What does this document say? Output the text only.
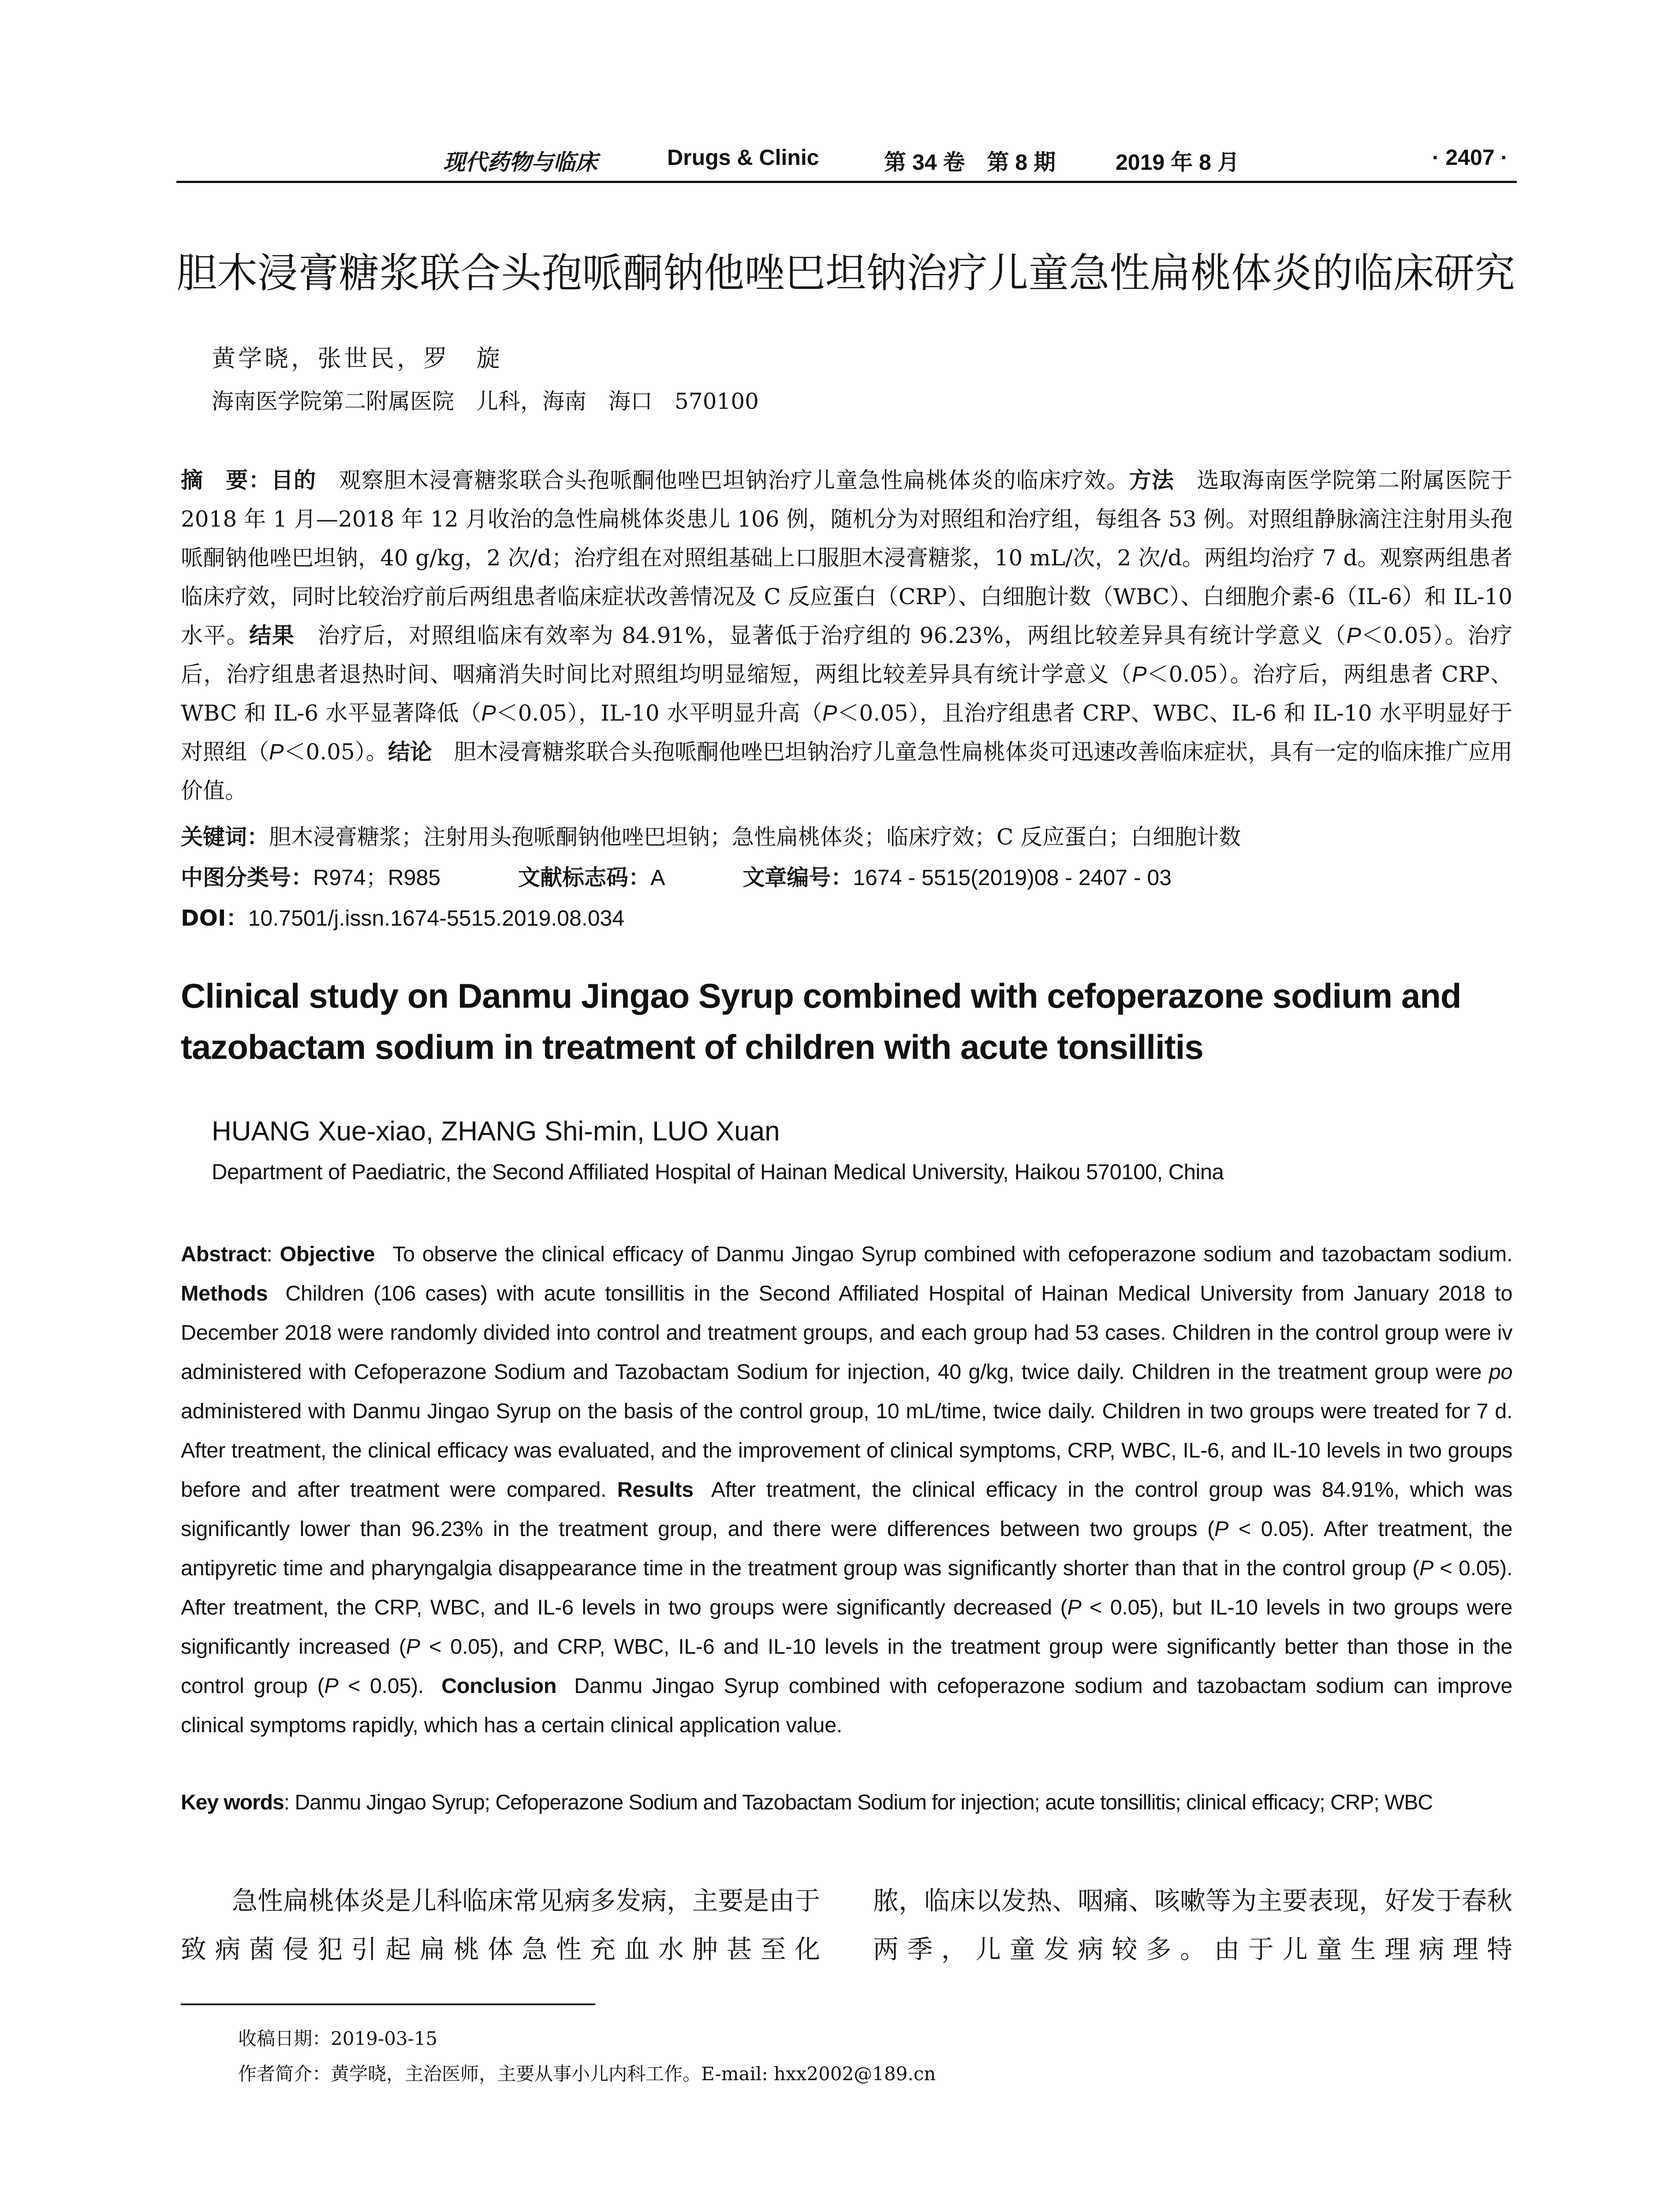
现代药物与临床	Drugs & Clinic	第 34 卷　第 8 期	2019 年 8 月	· 2407 ·
胆木浸膏糖浆联合头孢哌酮钠他唑巴坦钠治疗儿童急性扁桃体炎的临床研究
黄学晓，张世民，罗　旋
海南医学院第二附属医院　儿科，海南　海口　570100
摘　要：目的 观察胆木浸膏糖浆联合头孢哌酮他唑巴坦钠治疗儿童急性扁桃体炎的临床疗效。方法 选取海南医学院第二附属医院于 2018 年 1 月—2018 年 12 月收治的急性扁桃体炎患儿 106 例，随机分为对照组和治疗组，每组各 53 例。对照组静脉滴注注射用头孢哌酮钠他唑巴坦钠，40 g/kg，2 次/d；治疗组在对照组基础上口服胆木浸膏糖浆，10 mL/次，2 次/d。两组均治疗 7 d。观察两组患者临床疗效，同时比较治疗前后两组患者临床症状改善情况及 C 反应蛋白（CRP）、白细胞计数（WBC）、白细胞介素-6（IL-6）和 IL-10 水平。结果 治疗后，对照组临床有效率为 84.91%，显著低于治疗组的 96.23%，两组比较差异具有统计学意义（P＜0.05）。治疗后，治疗组患者退热时间、咽痛消失时间比对照组均明显缩短，两组比较差异具有统计学意义（P＜0.05）。治疗后，两组患者 CRP、WBC 和 IL-6 水平显著降低（P＜0.05），IL-10 水平明显升高（P＜0.05），且治疗组患者 CRP、WBC、IL-6 和 IL-10 水平明显好于对照组（P＜0.05）。结论 胆木浸膏糖浆联合头孢哌酮他唑巴坦钠治疗儿童急性扁桃体炎可迅速改善临床症状，具有一定的临床推广应用价值。
关键词：胆木浸膏糖浆；注射用头孢哌酮钠他唑巴坦钠；急性扁桃体炎；临床疗效；C 反应蛋白；白细胞计数
中图分类号：R974；R985	文献标志码：A	文章编号：1674 - 5515(2019)08 - 2407 - 03
DOI：10.7501/j.issn.1674-5515.2019.08.034
Clinical study on Danmu Jingao Syrup combined with cefoperazone sodium and tazobactam sodium in treatment of children with acute tonsillitis
HUANG Xue-xiao, ZHANG Shi-min, LUO Xuan
Department of Paediatric, the Second Affiliated Hospital of Hainan Medical University, Haikou 570100, China
Abstract: Objective To observe the clinical efficacy of Danmu Jingao Syrup combined with cefoperazone sodium and tazobactam sodium. Methods Children (106 cases) with acute tonsillitis in the Second Affiliated Hospital of Hainan Medical University from January 2018 to December 2018 were randomly divided into control and treatment groups, and each group had 53 cases. Children in the control group were iv administered with Cefoperazone Sodium and Tazobactam Sodium for injection, 40 g/kg, twice daily. Children in the treatment group were po administered with Danmu Jingao Syrup on the basis of the control group, 10 mL/time, twice daily. Children in two groups were treated for 7 d. After treatment, the clinical efficacy was evaluated, and the improvement of clinical symptoms, CRP, WBC, IL-6, and IL-10 levels in two groups before and after treatment were compared. Results After treatment, the clinical efficacy in the control group was 84.91%, which was significantly lower than 96.23% in the treatment group, and there were differences between two groups (P < 0.05). After treatment, the antipyretic time and pharyngalgia disappearance time in the treatment group was significantly shorter than that in the control group (P < 0.05). After treatment, the CRP, WBC, and IL-6 levels in two groups were significantly decreased (P < 0.05), but IL-10 levels in two groups were significantly increased (P < 0.05), and CRP, WBC, IL-6 and IL-10 levels in the treatment group were significantly better than those in the control group (P < 0.05). Conclusion Danmu Jingao Syrup combined with cefoperazone sodium and tazobactam sodium can improve clinical symptoms rapidly, which has a certain clinical application value.
Key words: Danmu Jingao Syrup; Cefoperazone Sodium and Tazobactam Sodium for injection; acute tonsillitis; clinical efficacy; CRP; WBC

急性扁桃体炎是儿科临床常见病多发病，主要是由于致病菌侵犯引起扁桃体急性充血水肿甚至化

脓，临床以发热、咽痛、咳嗽等为主要表现，好发于春秋两季，儿童发病较多。由于儿童生理病理特

收稿日期：2019-03-15
作者简介：黄学晓，主治医师，主要从事小儿内科工作。E-mail: hxx2002@189.cn
